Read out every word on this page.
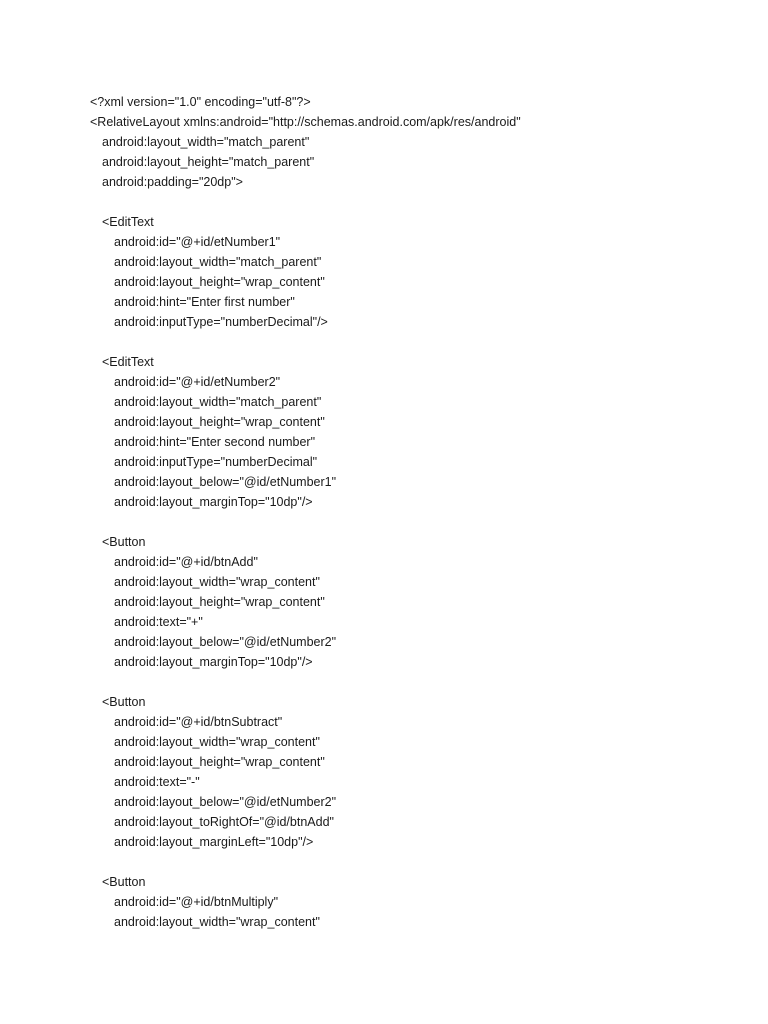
<?xml version="1.0" encoding="utf-8"?>
<RelativeLayout xmlns:android="http://schemas.android.com/apk/res/android"
android:layout_width="match_parent"
android:layout_height="match_parent"
android:padding="20dp">
<EditText
android:id="@+id/etNumber1"
android:layout_width="match_parent"
android:layout_height="wrap_content"
android:hint="Enter first number"
android:inputType="numberDecimal"/>
<EditText
android:id="@+id/etNumber2"
android:layout_width="match_parent"
android:layout_height="wrap_content"
android:hint="Enter second number"
android:inputType="numberDecimal"
android:layout_below="@id/etNumber1"
android:layout_marginTop="10dp"/>
<Button
android:id="@+id/btnAdd"
android:layout_width="wrap_content"
android:layout_height="wrap_content"
android:text="+"
android:layout_below="@id/etNumber2"
android:layout_marginTop="10dp"/>
<Button
android:id="@+id/btnSubtract"
android:layout_width="wrap_content"
android:layout_height="wrap_content"
android:text="-"
android:layout_below="@id/etNumber2"
android:layout_toRightOf="@id/btnAdd"
android:layout_marginLeft="10dp"/>
<Button
android:id="@+id/btnMultiply"
android:layout_width="wrap_content"
